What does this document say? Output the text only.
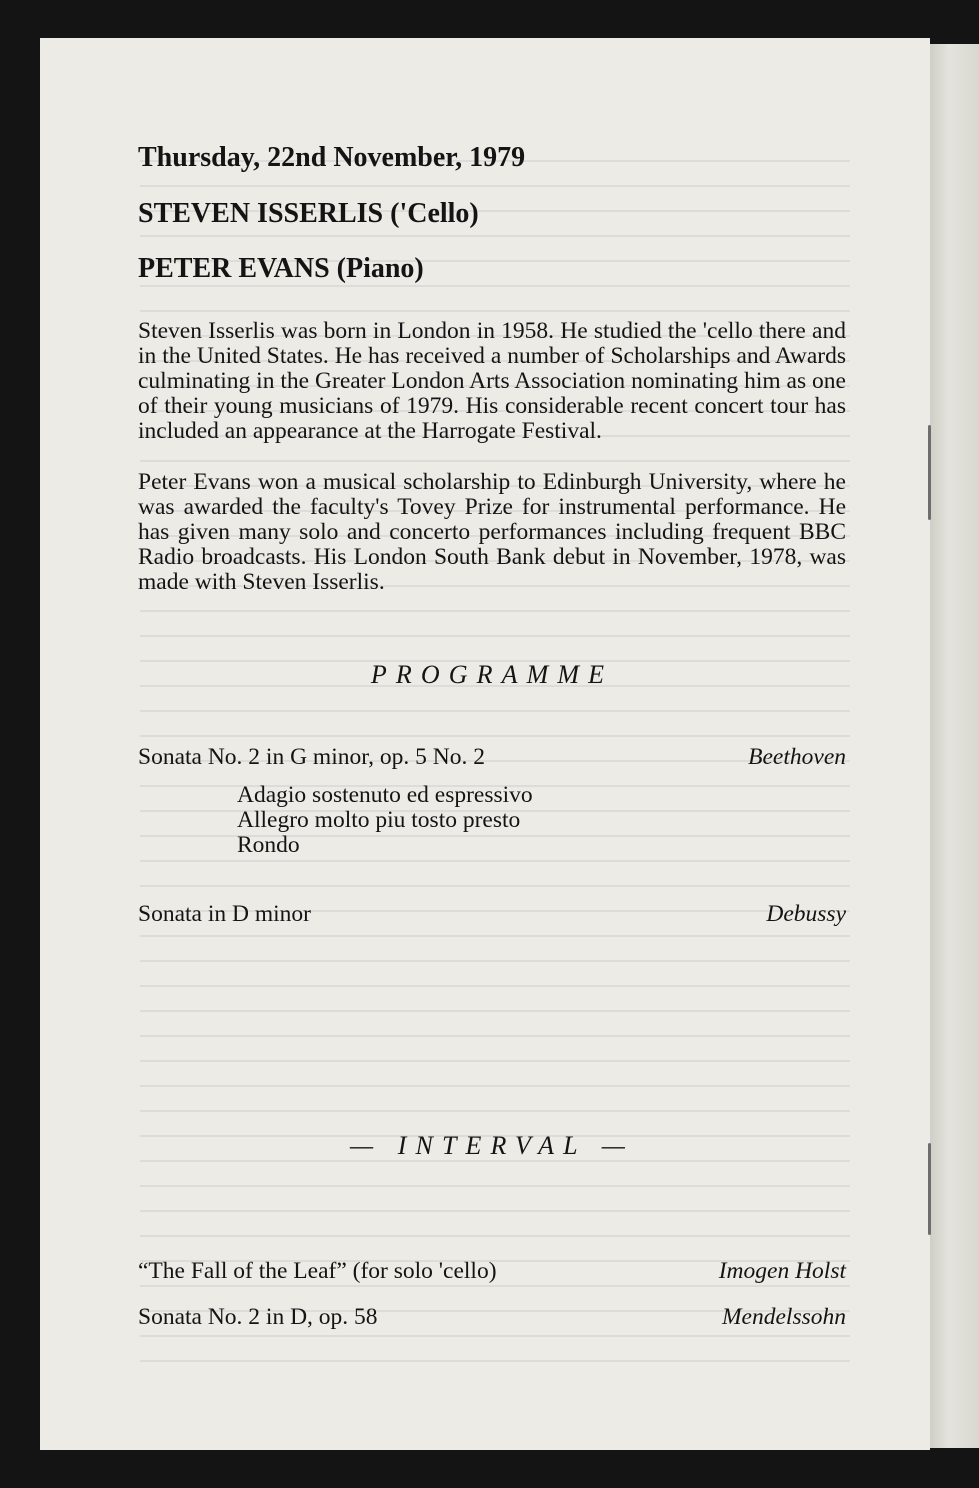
Thursday, 22nd November, 1979
STEVEN ISSERLIS ('Cello)
PETER EVANS (Piano)

Steven Isserlis was born in London in 1958. He studied the 'cello there and in the United States. He has received a number of Scholarships and Awards culminating in the Greater London Arts Association nominating him as one of their young musicians of 1979. His considerable recent concert tour has included an appearance at the Harrogate Festival.

Peter Evans won a musical scholarship to Edinburgh University, where he was awarded the faculty's Tovey Prize for instrumental performance. He has given many solo and concerto performances including frequent BBC Radio broadcasts. His London South Bank debut in November, 1978, was made with Steven Isserlis.

PROGRAMME
Sonata No. 2 in G minor, op. 5 No. 2	Beethoven
Adagio sostenuto ed espressivo
Allegro molto piu tosto presto
Rondo
Sonata in D minor	Debussy
— INTERVAL —
“The Fall of the Leaf” (for solo 'cello)	Imogen Holst
Sonata No. 2 in D, op. 58	Mendelssohn
